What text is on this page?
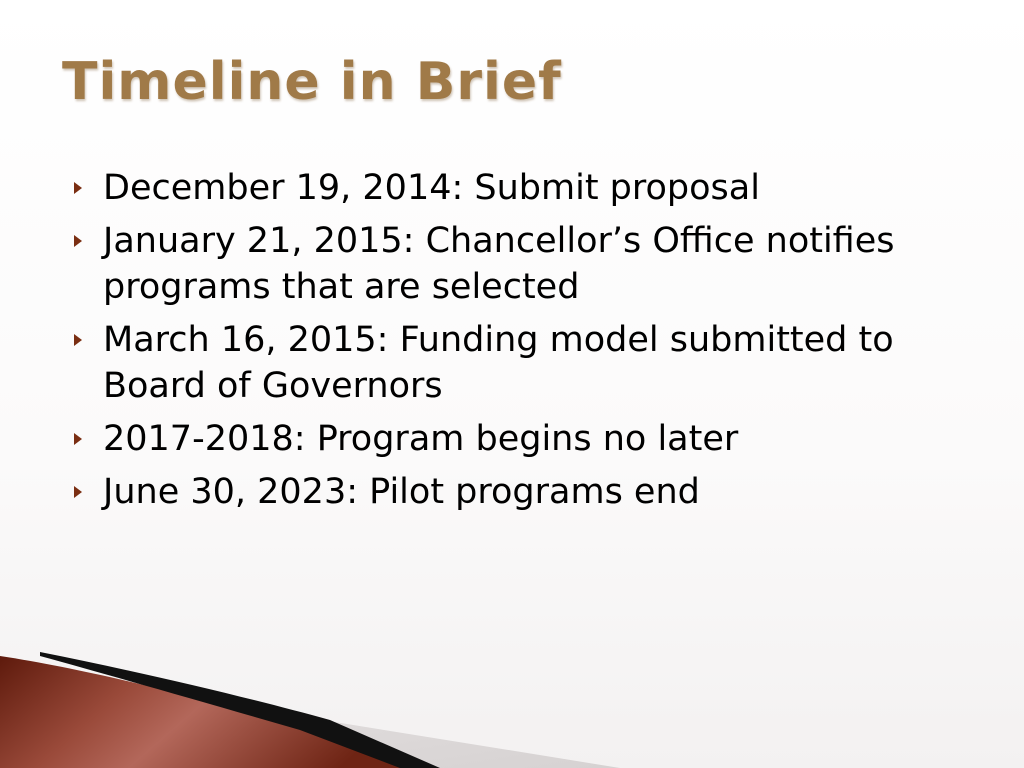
Timeline in Brief
December 19, 2014: Submit proposal
January 21, 2015: Chancellor’s Office notifies programs that are selected
March 16, 2015: Funding model submitted to Board of Governors
2017-2018: Program begins no later
June 30, 2023: Pilot programs end
